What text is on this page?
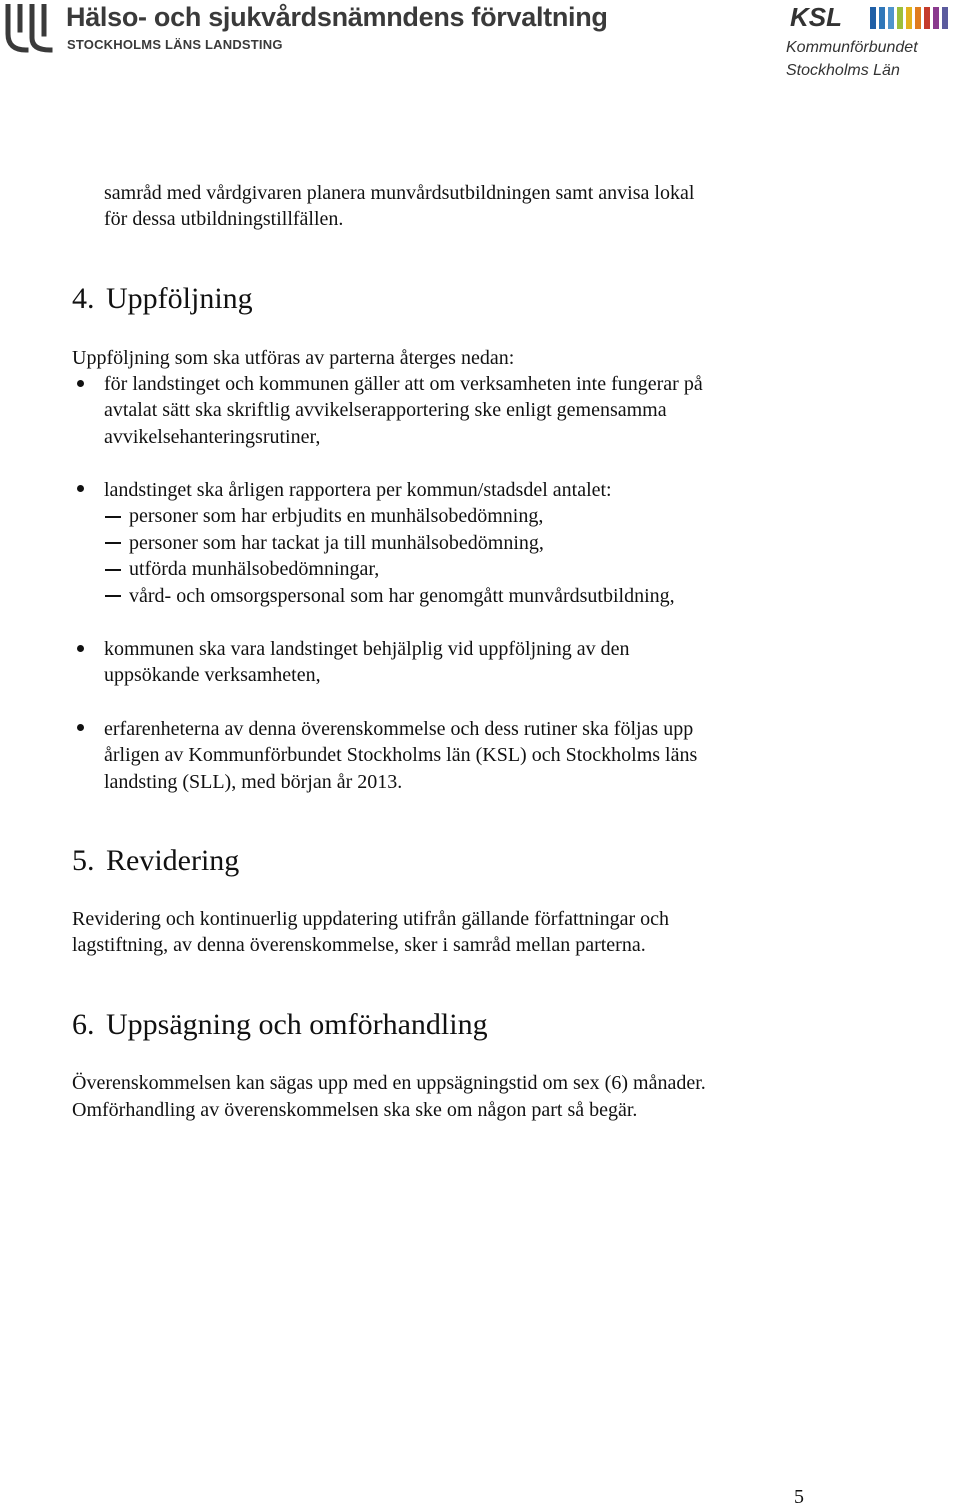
Hälso- och sjukvårdsnämndens förvaltning
STOCKHOLMS LÄNS LANDSTING
KSL
Kommunförbundet
Stockholms Län
samråd med vårdgivaren planera munvårdsutbildningen samt anvisa lokal
för dessa utbildningstillfällen.
4. Uppföljning
Uppföljning som ska utföras av parterna återges nedan:
för landstinget och kommunen gäller att om verksamheten inte fungerar på
avtalat sätt ska skriftlig avvikelserapportering ske enligt gemensamma
avvikelsehanteringsrutiner,
landstinget ska årligen rapportera per kommun/stadsdel antalet:
personer som har erbjudits en munhälsobedömning,
personer som har tackat ja till munhälsobedömning,
utförda munhälsobedömningar,
vård- och omsorgspersonal som har genomgått munvårdsutbildning,
kommunen ska vara landstinget behjälplig vid uppföljning av den
uppsökande verksamheten,
erfarenheterna av denna överenskommelse och dess rutiner ska följas upp
årligen av Kommunförbundet Stockholms län (KSL) och Stockholms läns
landsting (SLL), med början år 2013.
5. Revidering
Revidering och kontinuerlig uppdatering utifrån gällande författningar och
lagstiftning, av denna överenskommelse, sker i samråd mellan parterna.
6. Uppsägning och omförhandling
Överenskommelsen kan sägas upp med en uppsägningstid om sex (6) månader.
Omförhandling av överenskommelsen ska ske om någon part så begär.
5
